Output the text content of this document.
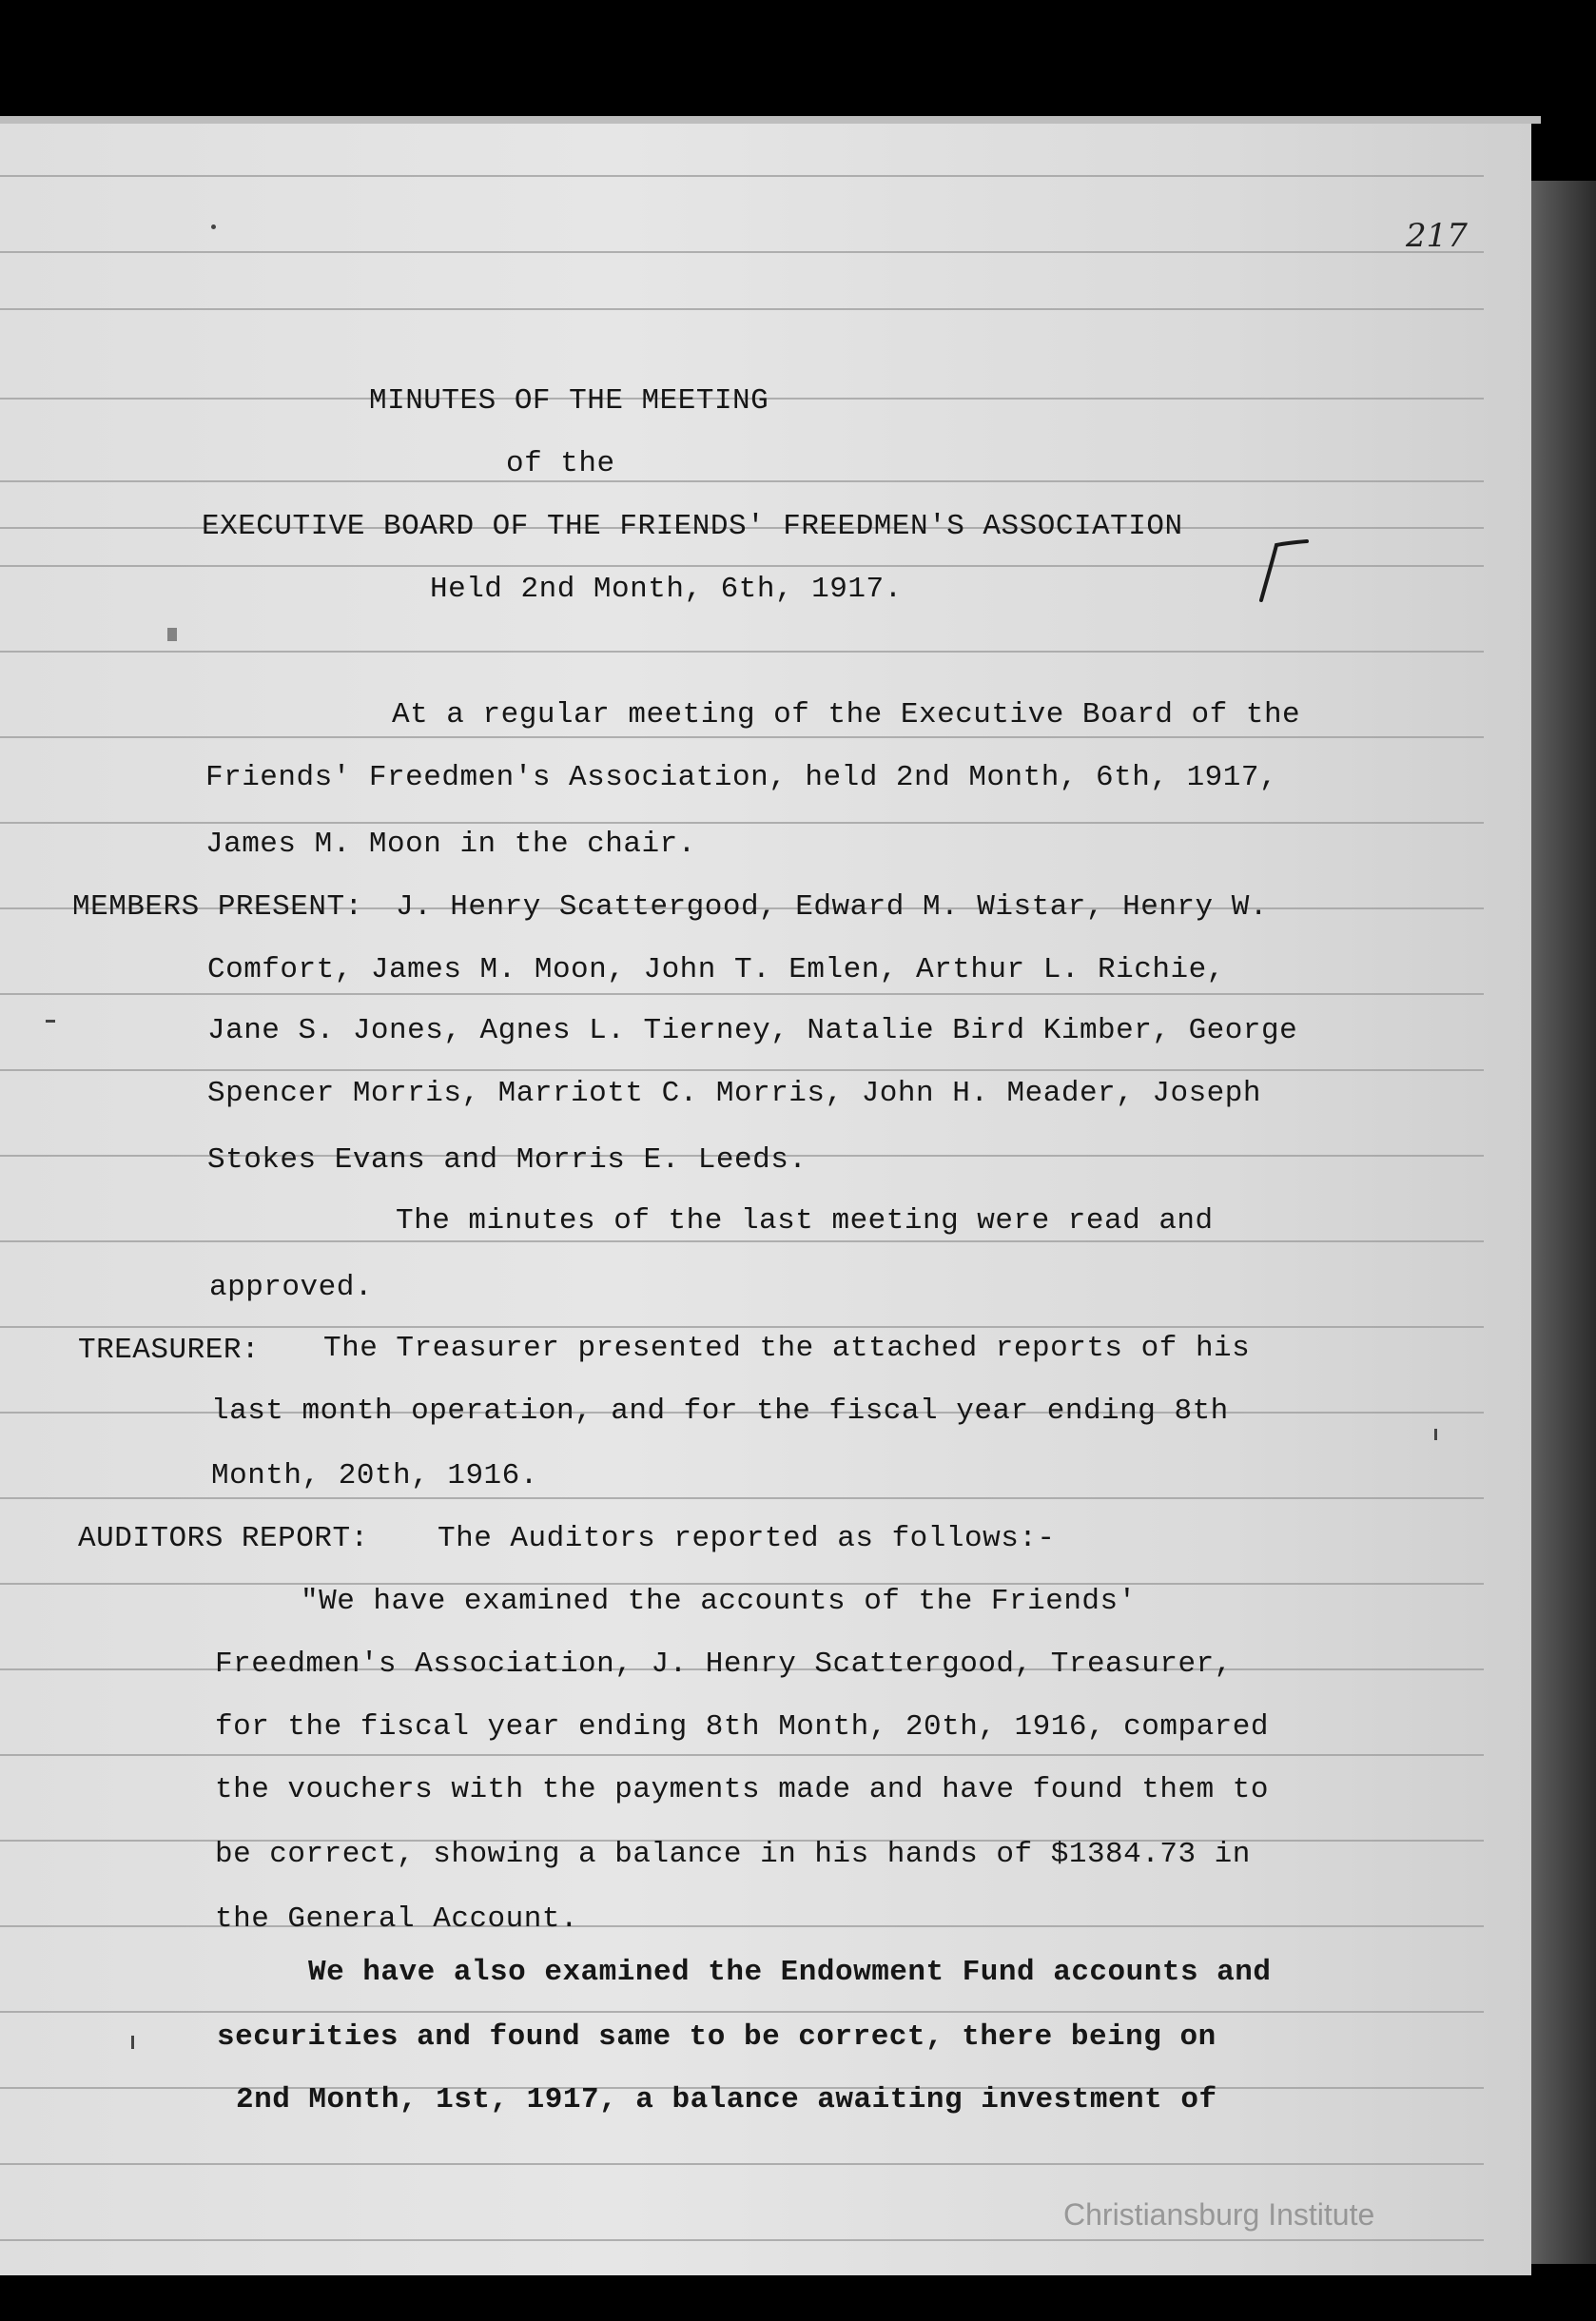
217
MINUTES OF THE MEETING
of the
EXECUTIVE BOARD OF THE FRIENDS' FREEDMEN'S ASSOCIATION
Held 2nd Month, 6th, 1917.
At a regular meeting of the Executive Board of the
Friends' Freedmen's Association, held 2nd Month, 6th, 1917,
James M. Moon in the chair.
MEMBERS PRESENT: J. Henry Scattergood, Edward M. Wistar, Henry W.
Comfort, James M. Moon, John T. Emlen, Arthur L. Richie,
Jane S. Jones, Agnes L. Tierney, Natalie Bird Kimber, George
Spencer Morris, Marriott C. Morris, John H. Meader, Joseph
Stokes Evans and Morris E. Leeds.
The minutes of the last meeting were read and
approved.
TREASURER: The Treasurer presented the attached reports of his
last month operation, and for the fiscal year ending 8th
Month, 20th, 1916.
AUDITORS REPORT: The Auditors reported as follows:-
"We have examined the accounts of the Friends'
Freedmen's Association, J. Henry Scattergood, Treasurer,
for the fiscal year ending 8th Month, 20th, 1916, compared
the vouchers with the payments made and have found them to
be correct, showing a balance in his hands of $1384.73 in
the General Account.
We have also examined the Endowment Fund accounts and
securities and found same to be correct, there being on
2nd Month, 1st, 1917, a balance awaiting investment of
Christiansburg Institute
